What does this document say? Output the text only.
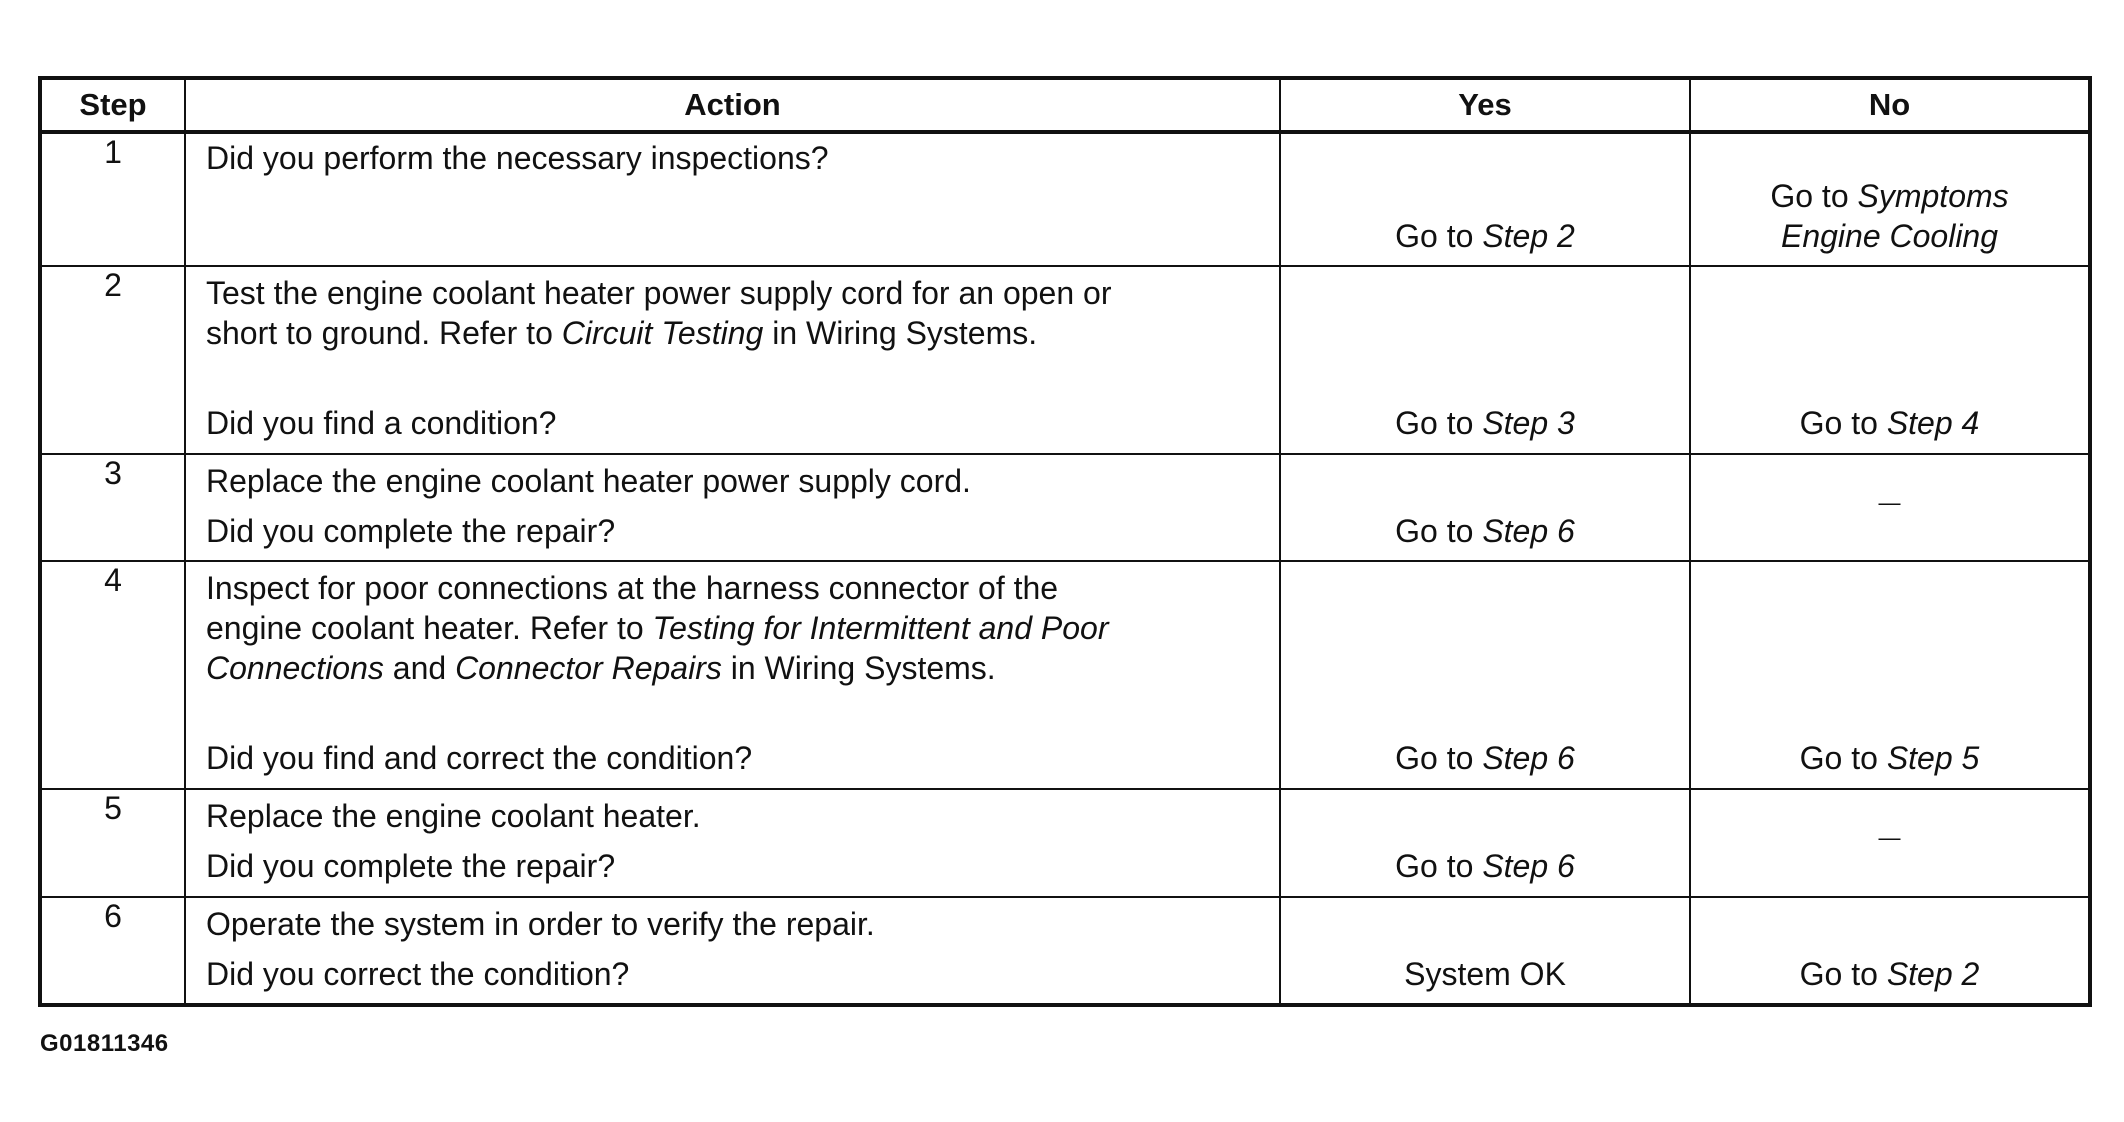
Step	Action	Yes	No
1	Did you perform the necessary inspections?	Go to Step 2	Go to Symptoms
Engine Cooling

2	Test the engine coolant heater power supply cord for an open or
short to ground. Refer to Circuit Testing in Wiring Systems.
Did you find a condition?	Go to Step 3	Go to Step 4

3	Replace the engine coolant heater power supply cord.
Did you complete the repair?	Go to Step 6	—

4	Inspect for poor connections at the harness connector of the
engine coolant heater. Refer to Testing for Intermittent and Poor
Connections and Connector Repairs in Wiring Systems.
Did you find and correct the condition?	Go to Step 6	Go to Step 5

5	Replace the engine coolant heater.
Did you complete the repair?	Go to Step 6	—

6	Operate the system in order to verify the repair.
Did you correct the condition?	System OK	Go to Step 2
G01811346
